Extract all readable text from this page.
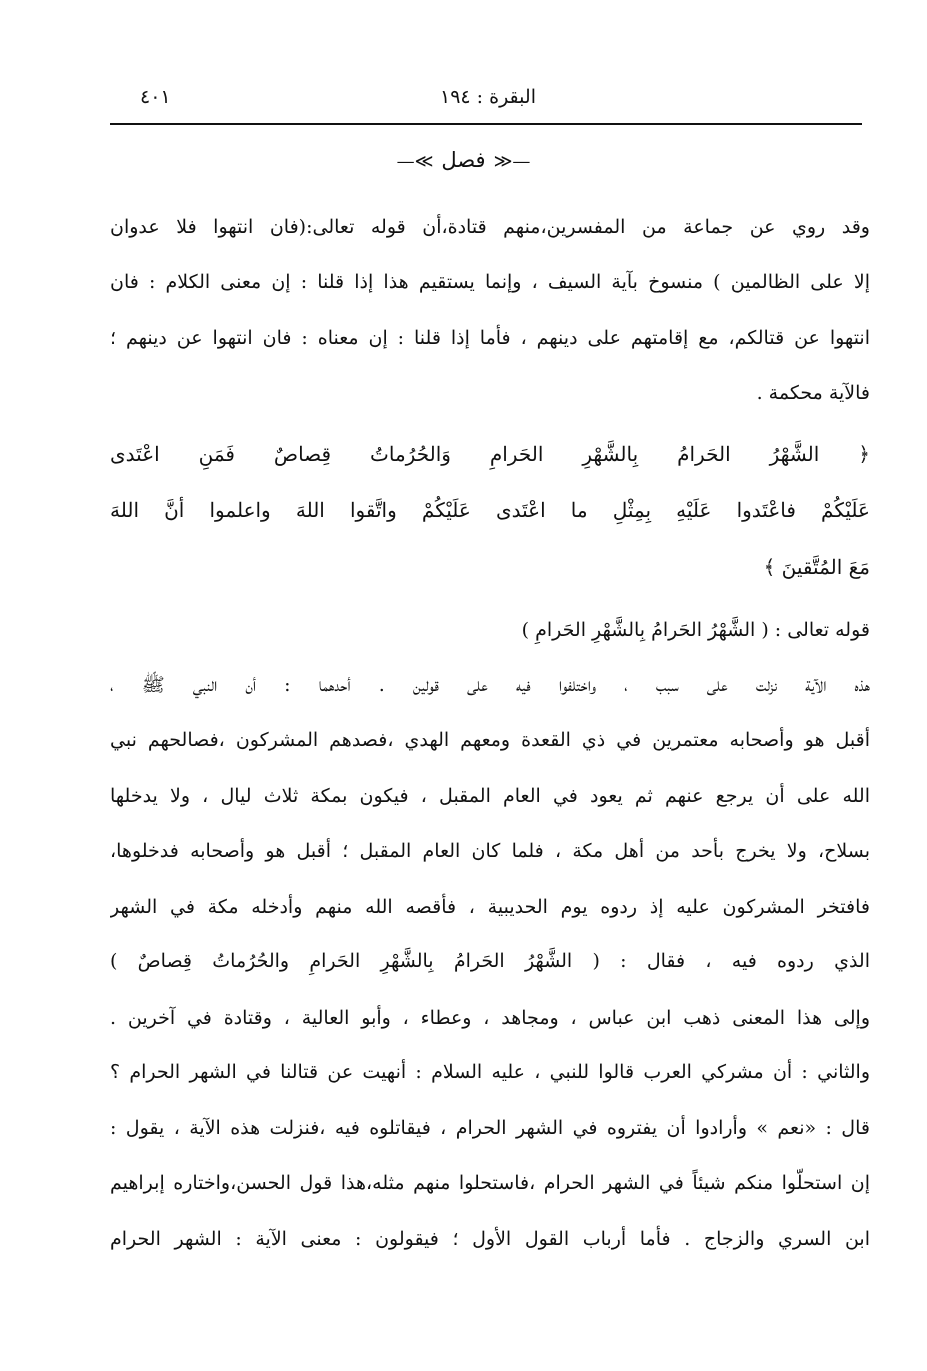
٤٠١	البقرة : ١٩٤
—≪فصل≫—
وقد روي عن جماعة من المفسرين،منهم قتادة،أن قوله تعالى:(فان انتهوا فلا عدوان
إلا على الظالمين ) منسوخ بآية السيف ، وإنما يستقيم هذا إذا قلنا : إن معنى الكلام : فان
انتهوا عن قتالكم، مع إقامتهم على دينهم ، فأما إذا قلنا : إن معناه : فان انتهوا عن دينهم ؛
فالآية محكمة .
﴿ الشَّهْرُ الحَرامُ بِالشَّهْرِ الحَرامِ وَالحُرُماتُ قِصاصٌ فَمَنِ اعْتَدى
عَلَيْكُمْ فاعْتَدوا عَلَيْهِ بِمِثْلِ ما اعْتَدى عَلَيْكُمْ واتَّقوا اللهَ واعلموا أنَّ اللهَ
مَعَ المُتَّقينَ ﴾
قوله تعالى : ( الشَّهْرُ الحَرامُ بِالشَّهْرِ الحَرامِ )
هذه الآية نزلت على سبب ، واختلفوا فيه على قولين . أحدهما : أن النبي ﷺ ،
أقبل هو وأصحابه معتمرين في ذي القعدة ومعهم الهدي ،فصدهم المشركون ،فصالحهم نبي
الله على أن يرجع عنهم ثم يعود في العام المقبل ، فيكون بمكة ثلاث ليال ، ولا يدخلها
بسلاح، ولا يخرج بأحد من أهل مكة ، فلما كان العام المقبل ؛ أقبل هو وأصحابه فدخلوها،
فافتخر المشركون عليه إذ ردوه يوم الحديبية ، فأقصه الله منهم وأدخله مكة في الشهر
الذي ردوه فيه ، فقال : ( الشَّهْرُ الحَرامُ بِالشَّهْرِ الحَرامِ والحُرُماتُ قِصاصٌ )
وإلى هذا المعنى ذهب ابن عباس ، ومجاهد ، وعطاء ، وأبو العالية ، وقتادة في آخرين .
والثاني : أن مشركي العرب قالوا للنبي ، عليه السلام : أنهيت عن قتالنا في الشهر الحرام ؟
قال : «نعم » وأرادوا أن يفتروه في الشهر الحرام ، فيقاتلوه فيه ،فنزلت هذه الآية ، يقول :
إن استحلّوا منكم شيئاً في الشهر الحرام ،فاستحلوا منهم مثله،هذا قول الحسن،واختاره إبراهيم
ابن السري والزجاج . فأما أرباب القول الأول ؛ فيقولون : معنى الآية : الشهر الحرام
